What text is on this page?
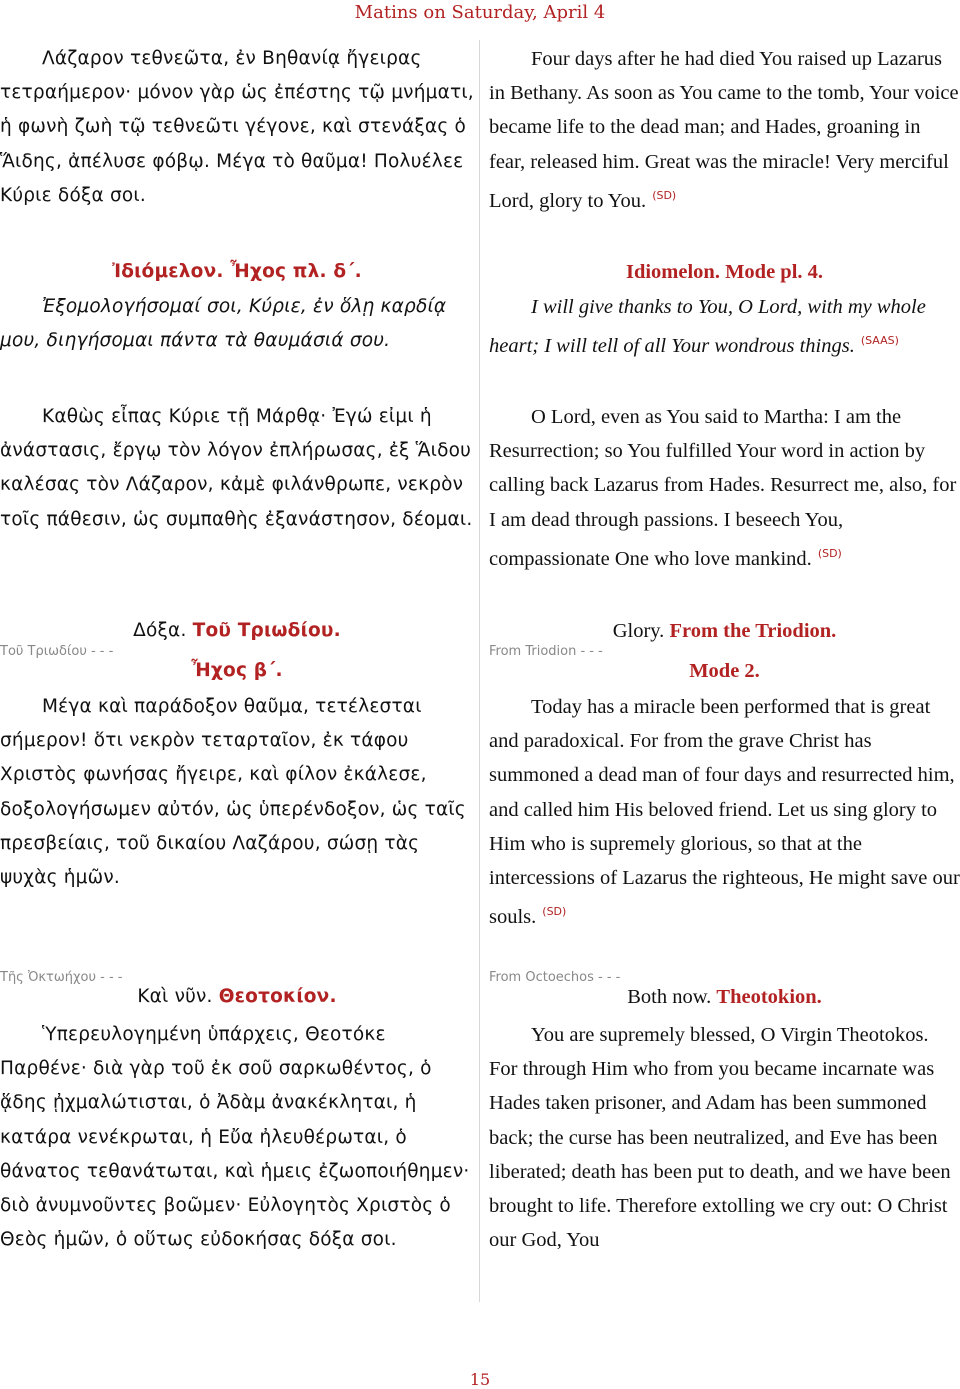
Matins on Saturday, April 4

Λάζαρον τεθνεῶτα, ἐν Βηθανίᾳ ἤγειρας τετραήμερον· μόνον γὰρ ὡς ἐπέστης τῷ μνήματι, ἡ φωνὴ ζωὴ τῷ τεθνεῶτι γέγονε, καὶ στενάξας ὁ Ἅιδης, ἀπέλυσε φόβῳ. Μέγα τὸ θαῦμα! Πολυέλεε Κύριε δόξα σοι.

Ἰδιόμελον. Ἦχος πλ. δ΄.

Ἐξομολογήσομαί σοι, Κύριε, ἐν ὅλῃ καρδίᾳ μου, διηγήσομαι πάντα τὰ θαυμάσιά σου.

Καθὼς εἶπας Κύριε τῇ Μάρθᾳ· Ἐγώ εἰμι ἡ ἀνάστασις, ἔργῳ τὸν λόγον ἐπλήρωσας, ἐξ Ἅιδου καλέσας τὸν Λάζαρον, κἀμὲ φιλάνθρωπε, νεκρὸν τοῖς πάθεσιν, ὡς συμπαθὴς ἐξανάστησον, δέομαι.

Δόξα. Τοῦ Τριωδίου.

Τοῦ Τριωδίου - - -

Ἦχος β΄.

Μέγα καὶ παράδοξον θαῦμα, τετέλεσται σήμερον! ὅτι νεκρὸν τεταρταῖον, ἐκ τάφου Χριστὸς φωνήσας ἤγειρε, καὶ φίλον ἐκάλεσε, δοξολογήσωμεν αὐτόν, ὡς ὑπερένδοξον, ὡς ταῖς πρεσβείαις, τοῦ δικαίου Λαζάρου, σώσῃ τὰς ψυχὰς ἡμῶν.

Τῆς Ὀκτωήχου - - -

Καὶ νῦν. Θεοτοκίον.

Ὑπερευλογημένη ὑπάρχεις, Θεοτόκε Παρθένε· διὰ γὰρ τοῦ ἐκ σοῦ σαρκωθέντος, ὁ ᾅδης ᾐχμαλώτισται, ὁ Ἀδὰμ ἀνακέκληται, ἡ κατάρα νενέκρωται, ἡ Εὔα ἠλευθέρωται, ὁ θάνατος τεθανάτωται, καὶ ἡμεις ἐζωοποιήθημεν· διὸ ἀνυμνοῦντες βοῶμεν· Εὐλογητὸς Χριστὸς ὁ Θεὸς ἡμῶν, ὁ οὕτως εὐδοκήσας δόξα σοι.

Four days after he had died You raised up Lazarus in Bethany. As soon as You came to the tomb, Your voice became life to the dead man; and Hades, groaning in fear, released him. Great was the miracle! Very merciful Lord, glory to You. $^{(SD)}$

Idiomelon. Mode pl. 4.

I will give thanks to You, O Lord, with my whole heart; I will tell of all Your wondrous things. $^{(SAAS)}$

O Lord, even as You said to Martha: I am the Resurrection; so You fulfilled Your word in action by calling back Lazarus from Hades. Resurrect me, also, for I am dead through passions. I beseech You, compassionate One who love mankind. $^{(SD)}$

Glory. From the Triodion.

From Triodion - - -

Mode 2.

Today has a miracle been performed that is great and paradoxical. For from the grave Christ has summoned a dead man of four days and resurrected him, and called him His beloved friend. Let us sing glory to Him who is supremely glorious, so that at the intercessions of Lazarus the righteous, He might save our souls. $^{(SD)}$

From Octoechos - - -

Both now. Theotokion.

You are supremely blessed, O Virgin Theotokos. For through Him who from you became incarnate was Hades taken prisoner, and Adam has been summoned back; the curse has been neutralized, and Eve has been liberated; death has been put to death, and we have been brought to life. Therefore extolling we cry out: O Christ our God, You

15
